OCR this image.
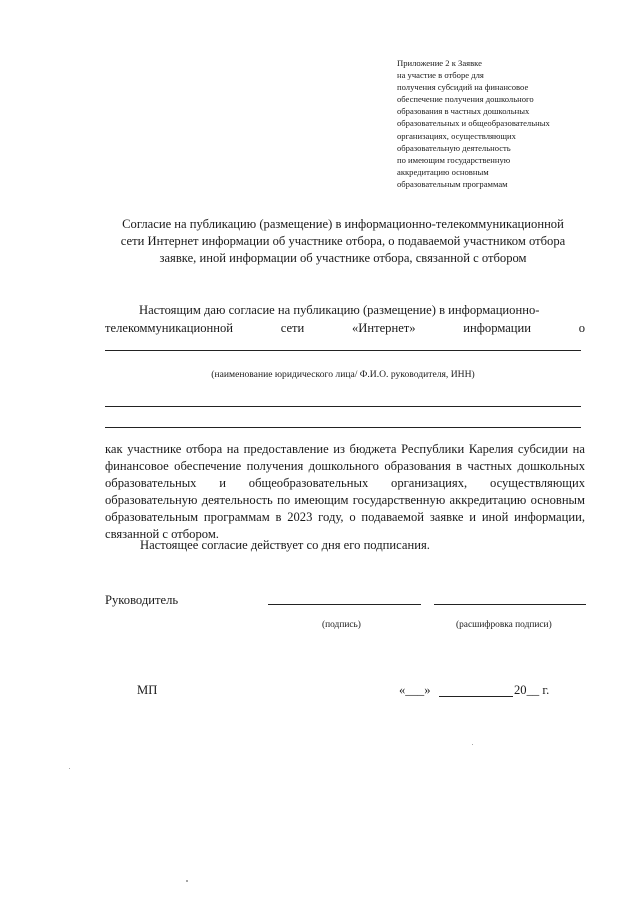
Приложение 2 к Заявке
на участие в отборе для
получения субсидий на финансовое
обеспечение получения дошкольного
образования в частных дошкольных
образовательных и общеобразовательных
организациях, осуществляющих
образовательную деятельность
по имеющим государственную
аккредитацию основным
образовательным программам
Согласие на публикацию (размещение) в информационно-телекоммуникационной
сети Интернет информации об участнике отбора, о подаваемой участником отбора
заявке, иной информации об участнике отбора, связанной с отбором
Настоящим даю согласие на публикацию (размещение) в информационно-
телекоммуникационной	сети	«Интернет»	информации	о
(наименование юридического лица/ Ф.И.О. руководителя, ИНН)
как участнике отбора на предоставление из бюджета Республики Карелия субсидии на финансовое обеспечение получения дошкольного образования в частных дошкольных образовательных и общеобразовательных организациях, осуществляющих образовательную деятельность по имеющим государственную аккредитацию основным образовательным программам в 2023 году, о подаваемой заявке и иной информации, связанной с отбором.
Настоящее согласие действует со дня его подписания.
Руководитель
(подпись)	(расшифровка подписи)
МП	«___»	20__ г.
